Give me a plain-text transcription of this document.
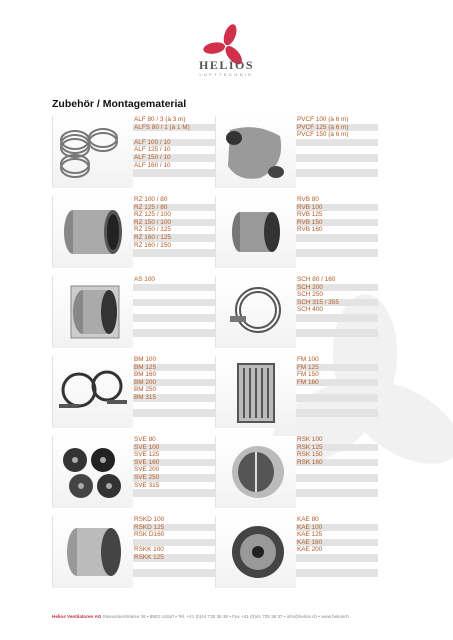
HELIOS
LUFTTECHNIK
Zubehör / Montagematerial
ALF 80 / 3 (à 3 m)
ALFS 80 / 1 (à 1 M)
ALF 100 / 10
ALF 125 / 10
ALF 150 / 10
ALF 160 / 10
PVCF 100 (à 6 m)
PVCF 125 (à 6 m)
PVCF 150 (à 6 m)
RZ 100 / 80
RZ 125 / 80
RZ 125 / 100
RZ 150 / 100
RZ 150 / 125
RZ 160 / 125
RZ 160 / 150
RVB 80
RVB 100
RVB 125
RVB 150
RVB 160
AS 100	SCH 80 / 160
SCH 200
SCH 250
SCH 315 / 355
SCH 400
BM 100
BM 125
BM 160
BM 200
BM 250
BM 315
FM 100
FM 125
FM 150
FM 160
SVE 80
SVE 100
SVE 125
SVE 160
SVE 200
SVE 250
SVE 315
RSK 100
RSK 125
RSK 150
RSK 160
RSKD 100
RSKD 125
RSK D160
RSKK 100
RSKK 125
KAE 80
KAE 100
KAE 125
KAE 160
KAE 200
Helios Ventilatoren AG Steinackerstrasse 36 • 8902 Urdorf • Tel. +41 (0)44 735 36 36 • Fax +41 (0)44 735 36 37 • info@helios.ch • www.heliosch
